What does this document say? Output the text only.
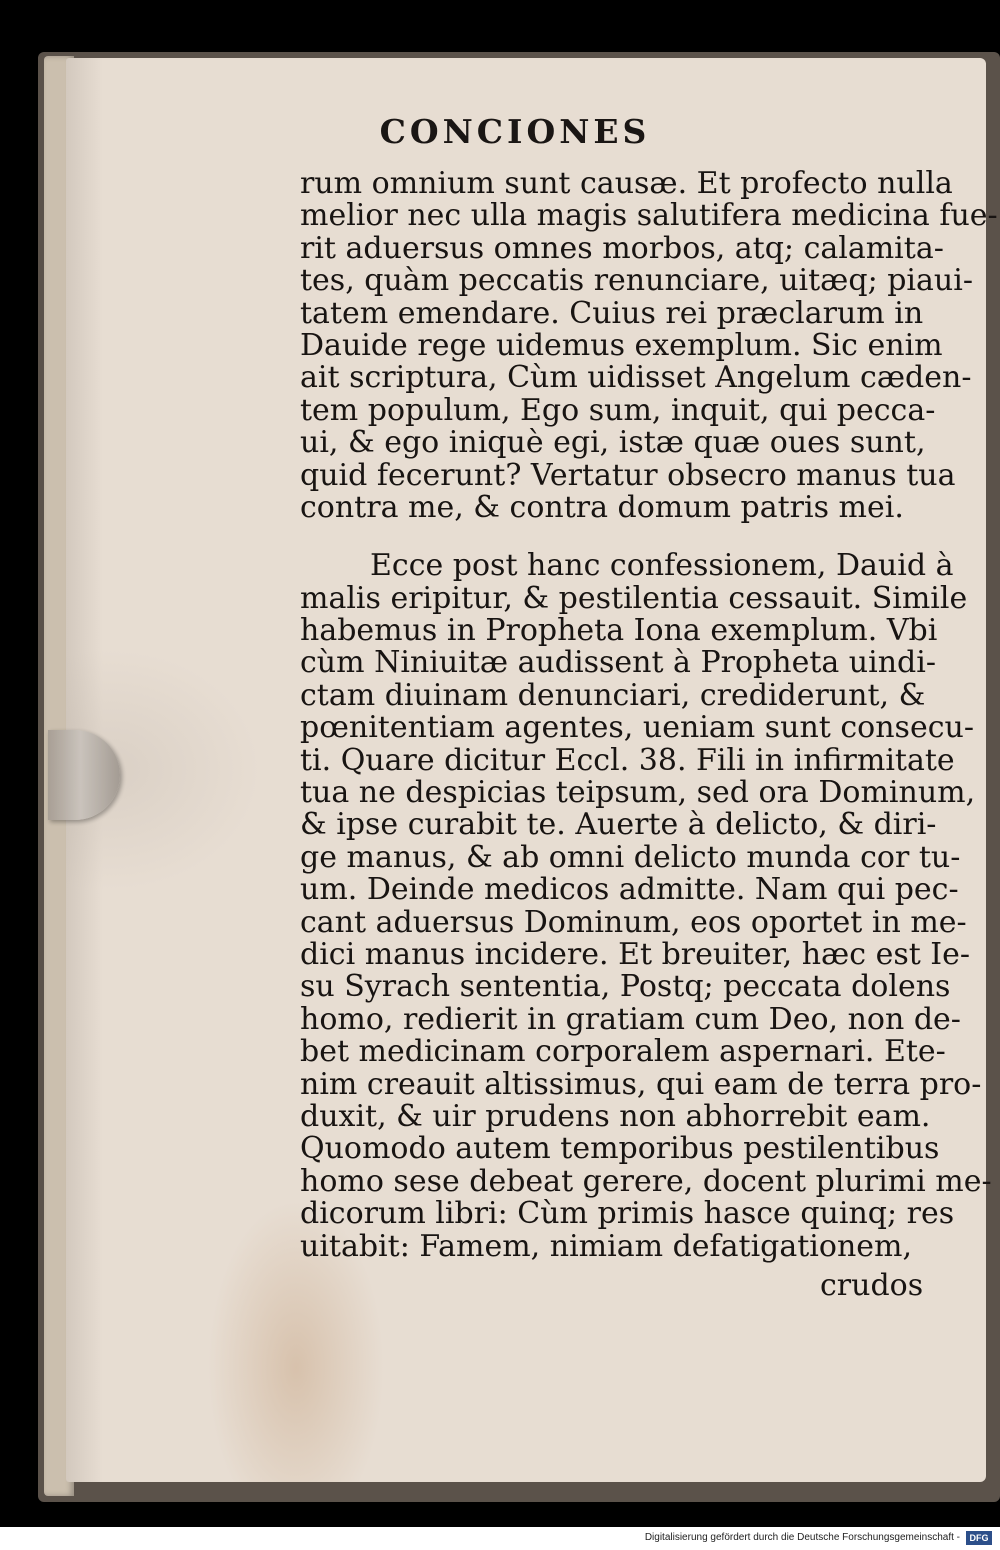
CONCIONES
rum omnium sunt causæ. Et profecto nulla
melior nec ulla magis salutifera medicina fue-
rit aduersus omnes morbos, atq; calamita-
tes, quàm peccatis renunciare, uitæq; piaui-
tatem emendare. Cuius rei præclarum in
Dauide rege uidemus exemplum. Sic enim
ait scriptura, Cùm uidisset Angelum cæden-
tem populum, Ego sum, inquit, qui pecca-
ui, & ego iniquè egi, istæ quæ oues sunt,
quid fecerunt? Vertatur obsecro manus tua
contra me, & contra domum patris mei.
Ecce post hanc confessionem, Dauid à
malis eripitur, & pestilentia cessauit. Simile
habemus in Propheta Iona exemplum. Vbi
cùm Niniuitæ audissent à Propheta uindi-
ctam diuinam denunciari, crediderunt, &
pœnitentiam agentes, ueniam sunt consecu-
ti. Quare dicitur Eccl. 38. Fili in infirmitate
tua ne despicias teipsum, sed ora Dominum,
& ipse curabit te. Auerte à delicto, & diri-
ge manus, & ab omni delicto munda cor tu-
um. Deinde medicos admitte. Nam qui pec-
cant aduersus Dominum, eos oportet in me-
dici manus incidere. Et breuiter, hæc est Ie-
su Syrach sententia, Postq; peccata dolens
homo, redierit in gratiam cum Deo, non de-
bet medicinam corporalem aspernari. Ete-
nim creauit altissimus, qui eam de terra pro-
duxit, & uir prudens non abhorrebit eam.
Quomodo autem temporibus pestilentibus
homo sese debeat gerere, docent plurimi me-
dicorum libri: Cùm primis hasce quinq; res
uitabit: Famem, nimiam defatigationem,
crudos
Digitalisierung gefördert durch die Deutsche Forschungsgemeinschaft -	DFG
